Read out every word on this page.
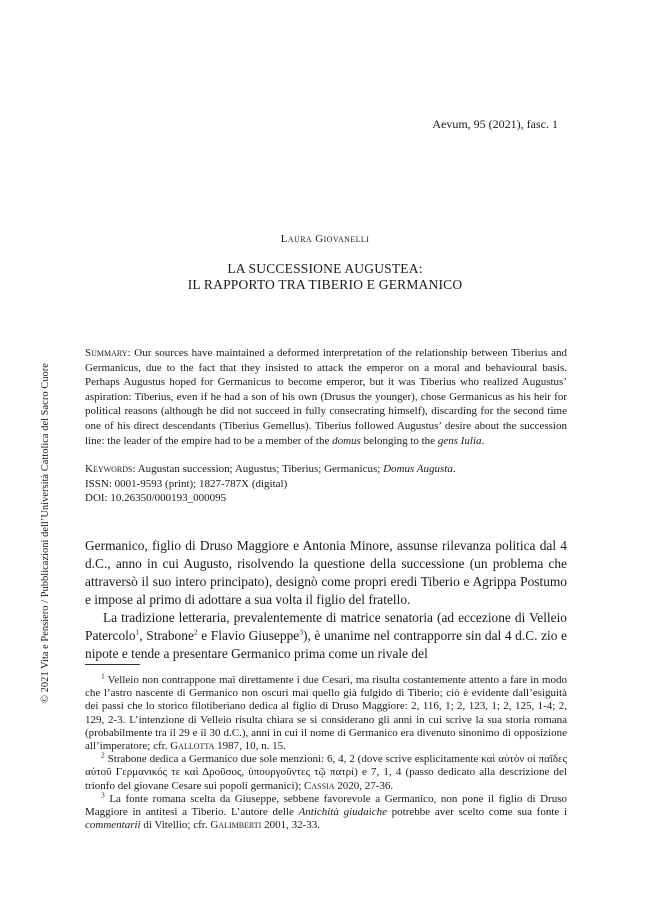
Aevum, 95 (2021), fasc. 1
Laura Giovanelli
LA SUCCESSIONE AUGUSTEA:
IL RAPPORTO TRA TIBERIO E GERMANICO

Summary: Our sources have maintained a deformed interpretation of the relationship between Tiberius and Germanicus, due to the fact that they insisted to attack the emperor on a moral and behavioural basis. Perhaps Augustus hoped for Germanicus to become emperor, but it was Tiberius who realized Augustus’ aspiration: Tiberius, even if he had a son of his own (Drusus the younger), chose Germanicus as his heir for political reasons (although he did not succeed in fully consecrating himself), discarding for the second time one of his direct descendants (Tiberius Gemellus). Tiberius followed Augustus’ desire about the succession line: the leader of the empire had to be a member of the domus belonging to the gens Iulia.

Keywords: Augustan succession; Augustus; Tiberius; Germanicus; Domus Augusta.
ISSN: 0001-9593 (print); 1827-787X (digital)
DOI: 10.26350/000193_000095

Germanico, figlio di Druso Maggiore e Antonia Minore, assunse rilevanza politica dal 4 d.C., anno in cui Augusto, risolvendo la questione della successione (un problema che attraversò il suo intero principato), designò come propri eredi Tiberio e Agrippa Postumo e impose al primo di adottare a sua volta il figlio del fratello.

La tradizione letteraria, prevalentemente di matrice senatoria (ad eccezione di Velleio Patercolo$^1$, Strabone$^2$ e Flavio Giuseppe$^3$), è unanime nel contrapporre sin dal 4 d.C. zio e nipote e tende a presentare Germanico prima come un rivale del

$^1$ Velleio non contrappone mai direttamente i due Cesari, ma risulta costantemente attento a fare in modo che l’astro nascente di Germanico non oscuri mai quello già fulgido di Tiberio; ciò è evidente dall’esiguità dei passi che lo storico filotiberiano dedica al figlio di Druso Maggiore: 2, 116, 1; 2, 123, 1; 2, 125, 1-4; 2, 129, 2-3. L’intenzione di Velleio risulta chiara se si considerano gli anni in cui scrive la sua storia romana (probabilmente tra il 29 e il 30 d.C.), anni in cui il nome di Germanico era divenuto sinonimo di opposizione all’imperatore; cfr. Gallotta 1987, 10, n. 15.

$^2$ Strabone dedica a Germanico due sole menzioni: 6, 4, 2 (dove scrive esplicitamente καὶ αὐτὸν οἱ παῖδες αὐτοῦ Γερμανικός τε καὶ Δροῦσος, ὑπουργοῦντες τῷ πατρί) e 7, 1, 4 (passo dedicato alla descrizione del trionfo del giovane Cesare sui popoli germanici); Cassia 2020, 27-36.

$^3$ La fonte romana scelta da Giuseppe, sebbene favorevole a Germanico, non pone il figlio di Druso Maggiore in antitesi a Tiberio. L’autore delle Antichità giudaiche potrebbe aver scelto come sua fonte i commentarii di Vitellio; cfr. Galimberti 2001, 32-33.

© 2021 Vita e Pensiero / Pubblicazioni dell’Università Cattolica del Sacro Cuore
